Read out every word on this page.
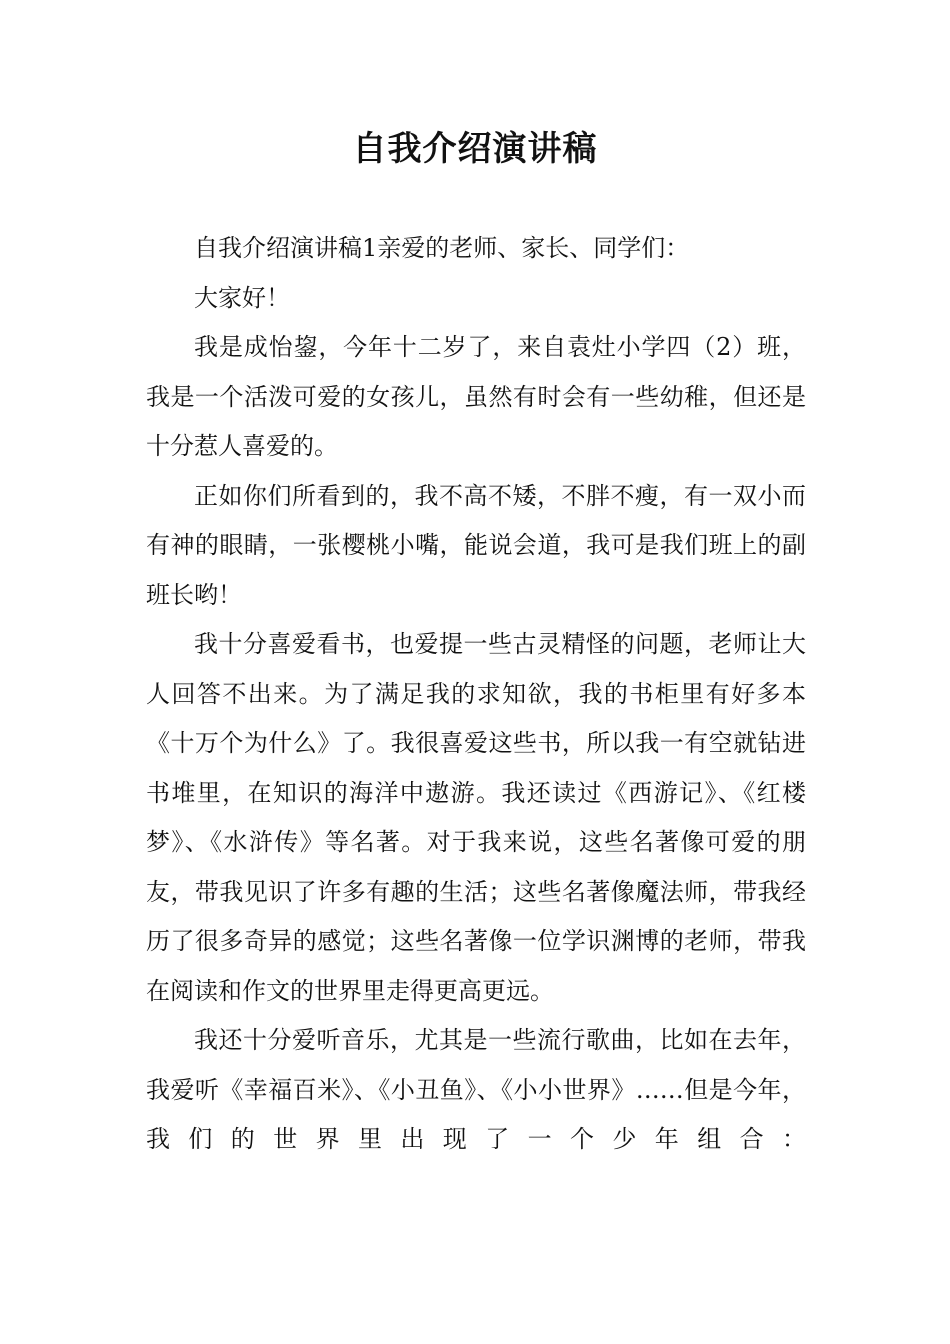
自我介绍演讲稿

自我介绍演讲稿1亲爱的老师、家长、同学们：

大家好！

我是成怡鋆，今年十二岁了，来自袁灶小学四（2）班，我是一个活泼可爱的女孩儿，虽然有时会有一些幼稚，但还是十分惹人喜爱的。

正如你们所看到的，我不高不矮，不胖不瘦，有一双小而有神的眼睛，一张樱桃小嘴，能说会道，我可是我们班上的副班长哟！

我十分喜爱看书，也爱提一些古灵精怪的问题，老师让大人回答不出来。为了满足我的求知欲，我的书柜里有好多本《十万个为什么》了。我很喜爱这些书，所以我一有空就钻进书堆里，在知识的海洋中遨游。我还读过《西游记》、《红楼梦》、《水浒传》等名著。对于我来说，这些名著像可爱的朋友，带我见识了许多有趣的生活；这些名著像魔法师，带我经历了很多奇异的感觉；这些名著像一位学识渊博的老师，带我在阅读和作文的世界里走得更高更远。

我还十分爱听音乐，尤其是一些流行歌曲，比如在去年，我爱听《幸福百米》、《小丑鱼》、《小小世界》……但是今年，我们的世界里出现了一个少年组合：
